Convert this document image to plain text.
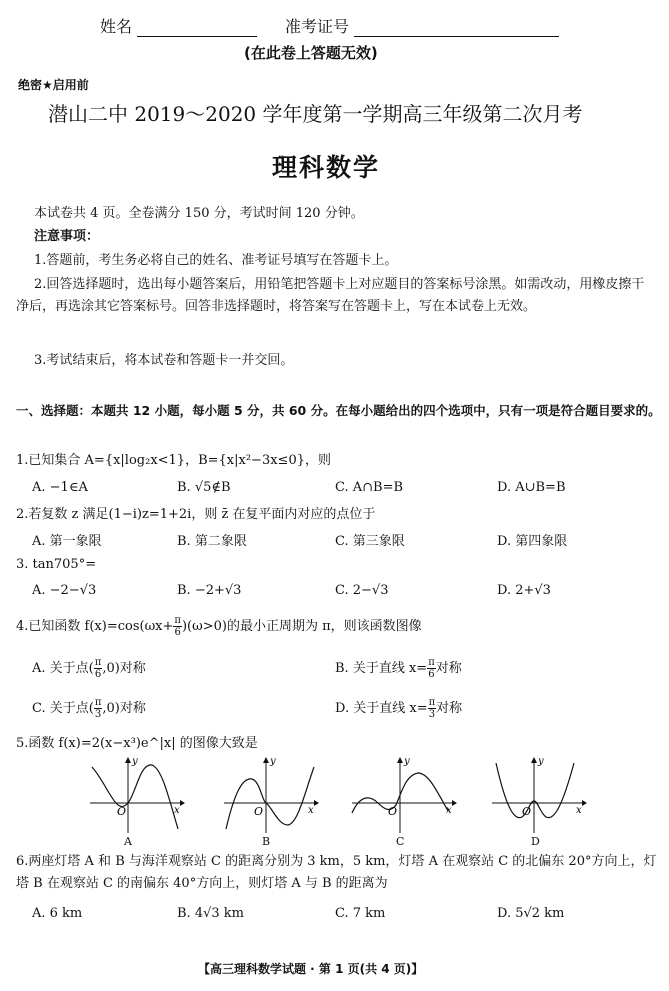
姓名	准考证号
(在此卷上答题无效)
绝密★启用前
潜山二中 2019～2020 学年度第一学期高三年级第二次月考
理科数学
本试卷共 4 页。全卷满分 150 分，考试时间 120 分钟。
注意事项：
1.答题前，考生务必将自己的姓名、准考证号填写在答题卡上。
2.回答选择题时，选出每小题答案后，用铅笔把答题卡上对应题目的答案标号涂黑。如需改动，用橡皮擦干净后，再选涂其它答案标号。回答非选择题时，将答案写在答题卡上，写在本试卷上无效。
3.考试结束后，将本试卷和答题卡一并交回。
一、选择题：本题共 12 小题，每小题 5 分，共 60 分。在每小题给出的四个选项中，只有一项是符合题目要求的。
1.已知集合 A={x|log₂x<1}，B={x|x²−3x≤0}，则
A. −1∈A	B. √5∉B	C. A∩B=B	D. A∪B=B
2.若复数 z 满足(1−i)z=1+2i，则 z̄ 在复平面内对应的点位于
A. 第一象限	B. 第二象限	C. 第三象限	D. 第四象限
3. tan705°=
A. −2−√3	B. −2+√3	C. 2−√3	D. 2+√3
4.已知函数 $f(x)=\cos(\omega x+ \frac{\pi}{6} )(\omega>0)$的最小正周期为 π，则该函数图像
A. 关于点( $\frac{\pi}{6} ,0$)对称	B. 关于直线 $x= \frac{\pi}{6}$ 对称
C. 关于点( $\frac{\pi}{3} ,0$)对称	D. 关于直线 $x= \frac{\pi}{3}$ 对称
5.函数 f(x)=2(x−x³)e^|x| 的图像大致是
y
x
O
A
y
x
O
B
y
x
O
C
y
x
O
D
6.两座灯塔 A 和 B 与海洋观察站 C 的距离分别为 3 km，5 km，灯塔 A 在观察站 C 的北偏东 20°方向上，灯塔 B 在观察站 C 的南偏东 40°方向上，则灯塔 A 与 B 的距离为
A. 6 km	B. 4√3 km	C. 7 km	D. 5√2 km
【高三理科数学试题 · 第 1 页(共 4 页)】
